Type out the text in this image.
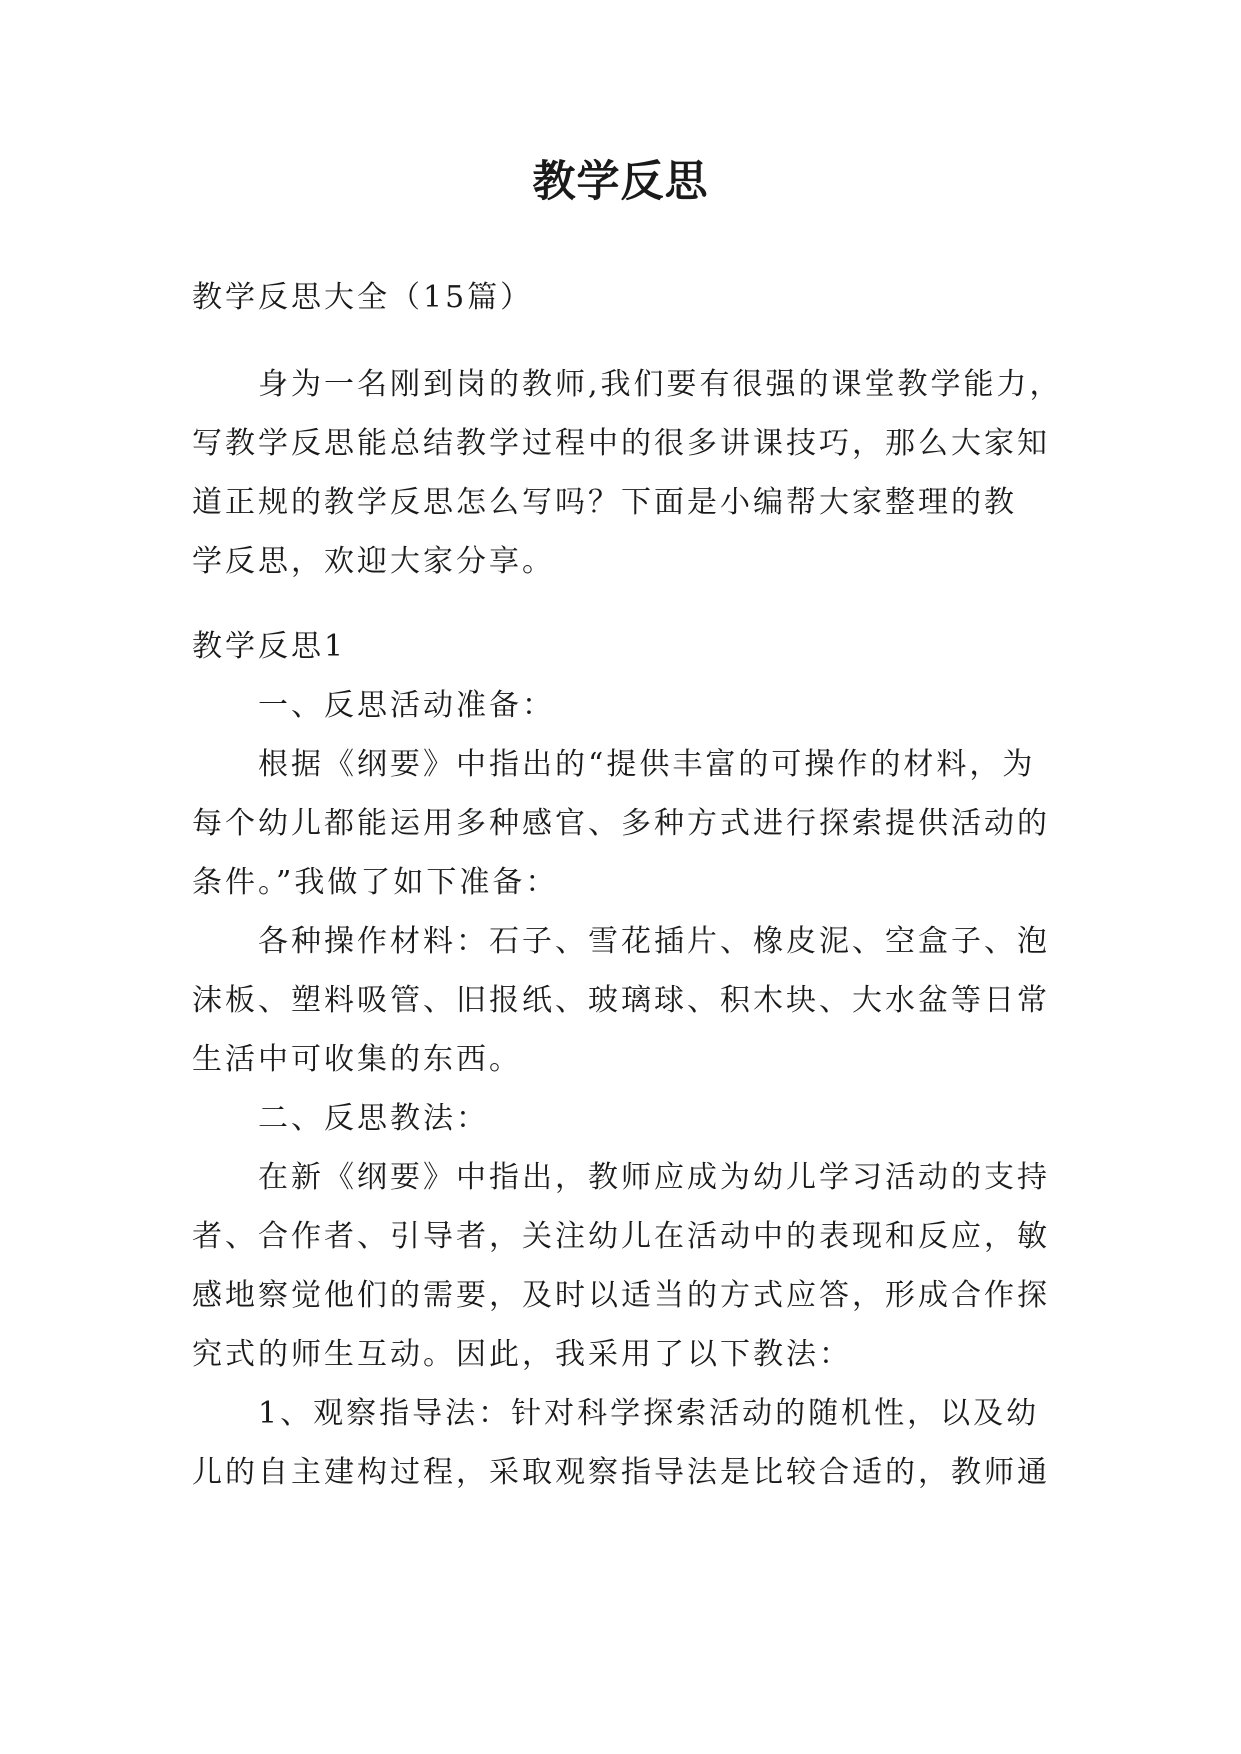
教学反思

教学反思大全（15篇）

身为一名刚到岗的教师,我们要有很强的课堂教学能力，
写教学反思能总结教学过程中的很多讲课技巧，那么大家知
道正规的教学反思怎么写吗？下面是小编帮大家整理的教
学反思，欢迎大家分享。
教学反思1
一、反思活动准备：
根据《纲要》中指出的“提供丰富的可操作的材料，为
每个幼儿都能运用多种感官、多种方式进行探索提供活动的
条件。”我做了如下准备：
各种操作材料：石子、雪花插片、橡皮泥、空盒子、泡
沫板、塑料吸管、旧报纸、玻璃球、积木块、大水盆等日常
生活中可收集的东西。
二、反思教法：
在新《纲要》中指出，教师应成为幼儿学习活动的支持
者、合作者、引导者，关注幼儿在活动中的表现和反应，敏
感地察觉他们的需要，及时以适当的方式应答，形成合作探
究式的师生互动。因此，我采用了以下教法：
1、观察指导法：针对科学探索活动的随机性，以及幼
儿的自主建构过程，采取观察指导法是比较合适的，教师通
